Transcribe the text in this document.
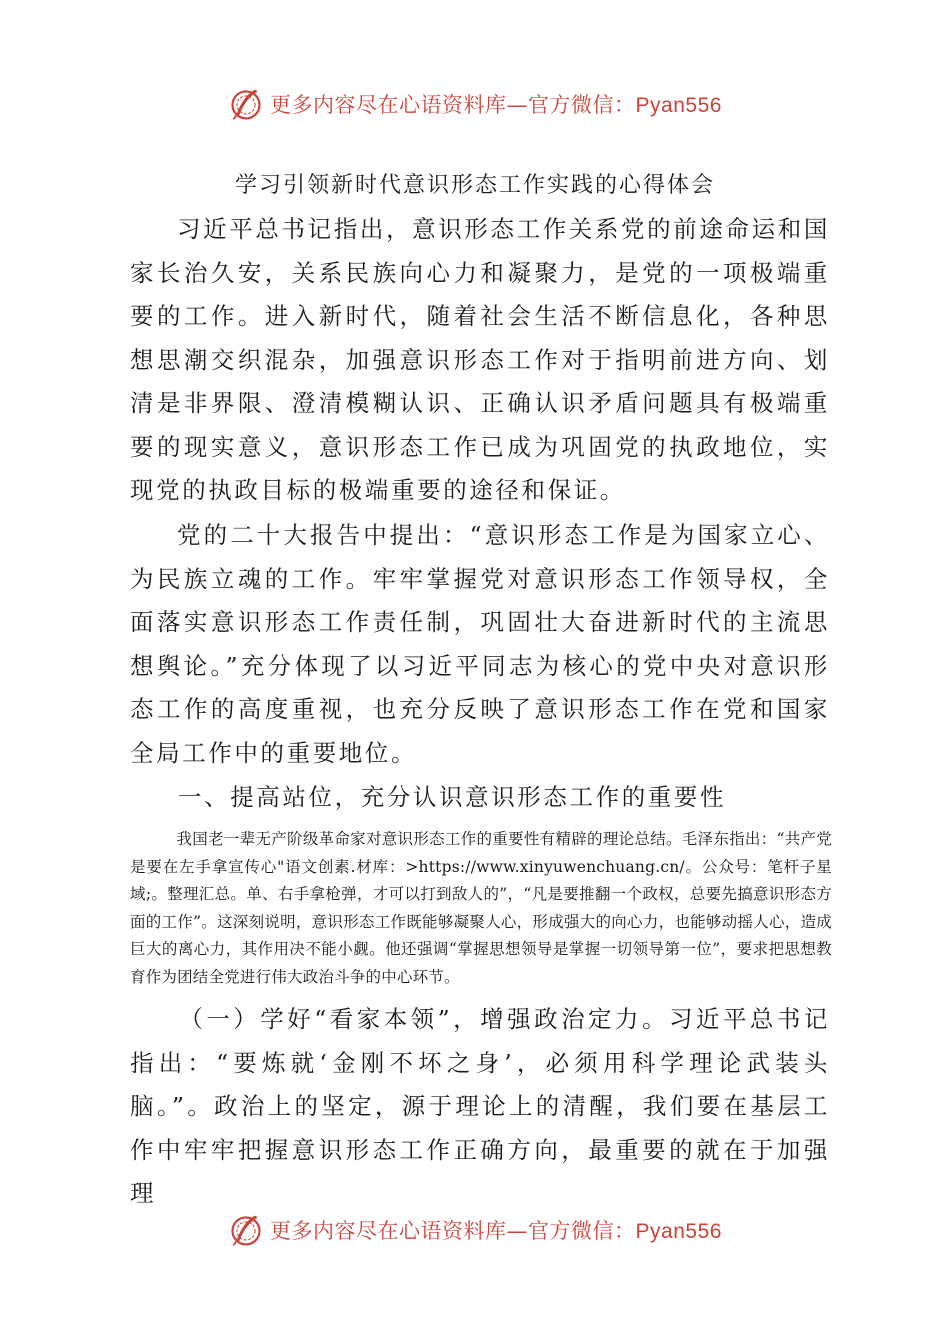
更多内容尽在心语资料库—官方微信：Pyan556
学习引领新时代意识形态工作实践的心得体会

习近平总书记指出，意识形态工作关系党的前途命运和国家长治久安，关系民族向心力和凝聚力，是党的一项极端重要的工作。进入新时代，随着社会生活不断信息化，各种思想思潮交织混杂，加强意识形态工作对于指明前进方向、划清是非界限、澄清模糊认识、正确认识矛盾问题具有极端重要的现实意义，意识形态工作已成为巩固党的执政地位，实现党的执政目标的极端重要的途径和保证。

党的二十大报告中提出：“意识形态工作是为国家立心、为民族立魂的工作。牢牢掌握党对意识形态工作领导权，全面落实意识形态工作责任制，巩固壮大奋进新时代的主流思想舆论。”充分体现了以习近平同志为核心的党中央对意识形态工作的高度重视，也充分反映了意识形态工作在党和国家全局工作中的重要地位。

一、提高站位，充分认识意识形态工作的重要性

我国老一辈无产阶级革命家对意识形态工作的重要性有精辟的理论总结。毛泽东指出：“共产党是要在左手拿宣传心"语文创素.材库：>https://www.xinyuwenchuang.cn/。公众号：笔杆子星域;。整理汇总。单、右手拿枪弹，才可以打到敌人的”，“凡是要推翻一个政权，总要先搞意识形态方面的工作”。这深刻说明，意识形态工作既能够凝聚人心，形成强大的向心力，也能够动摇人心，造成巨大的离心力，其作用决不能小觑。他还强调“掌握思想领导是掌握一切领导第一位”，要求把思想教育作为团结全党进行伟大政治斗争的中心环节。

（一）学好“看家本领”，增强政治定力。习近平总书记指出：“要炼就‘金刚不坏之身’，必须用科学理论武装头脑。”。政治上的坚定，源于理论上的清醒，我们要在基层工作中牢牢把握意识形态工作正确方向，最重要的就在于加强理

更多内容尽在心语资料库—官方微信：Pyan556
